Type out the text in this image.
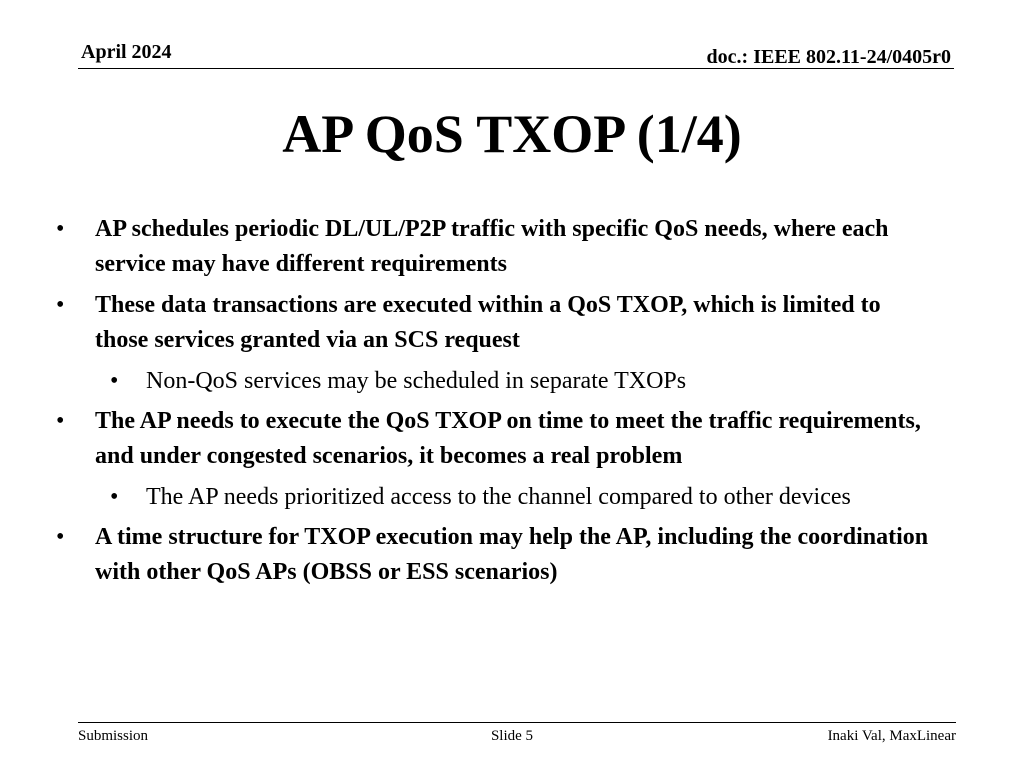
April 2024	doc.: IEEE 802.11-24/0405r0
AP QoS TXOP (1/4)
• AP schedules periodic DL/UL/P2P traffic with specific QoS needs, where each service may have different requirements
• These data transactions are executed within a QoS TXOP, which is limited to those services granted via an SCS request
• Non-QoS services may be scheduled in separate TXOPs
• The AP needs to execute the QoS TXOP on time to meet the traffic requirements, and under congested scenarios, it becomes a real problem
• The AP needs prioritized access to the channel compared to other devices
• A time structure for TXOP execution may help the AP, including the coordination with other QoS APs (OBSS or ESS scenarios)
Submission	Slide 5	Inaki Val, MaxLinear
